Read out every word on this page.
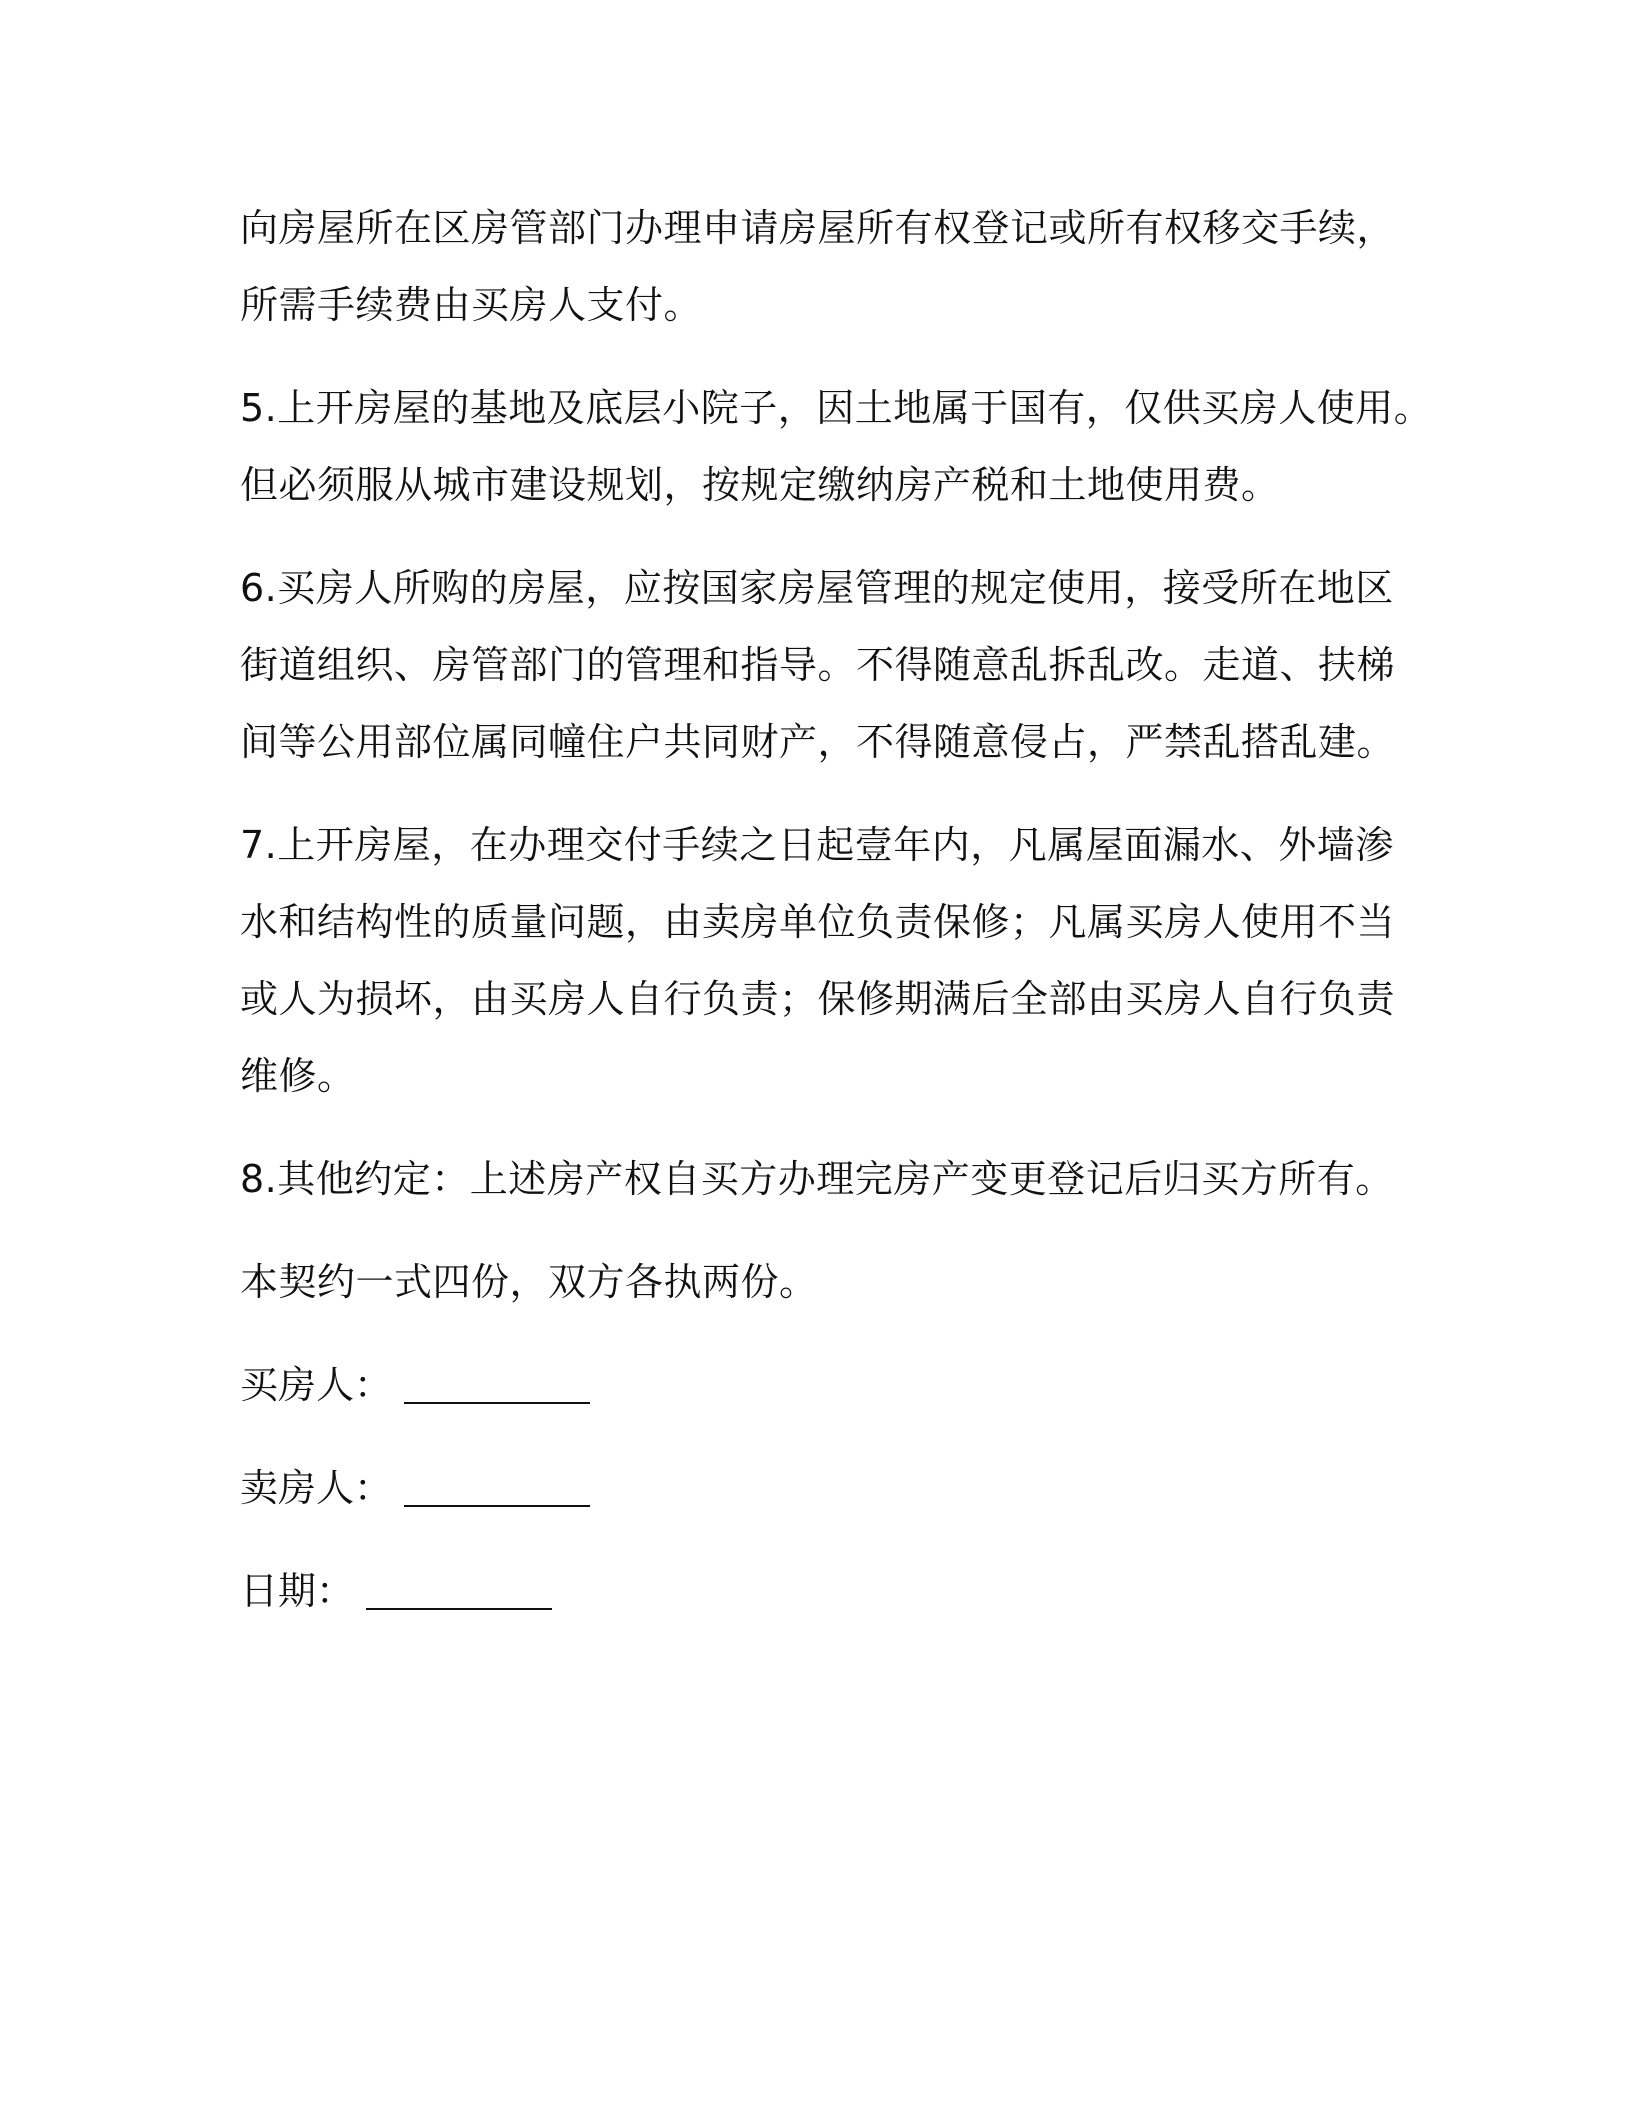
向房屋所在区房管部门办理申请房屋所有权登记或所有权移交手续，
所需手续费由买房人支付。

5.上开房屋的基地及底层小院子，因土地属于国有，仅供买房人使用。
但必须服从城市建设规划，按规定缴纳房产税和土地使用费。

6.买房人所购的房屋，应按国家房屋管理的规定使用，接受所在地区
街道组织、房管部门的管理和指导。不得随意乱拆乱改。走道、扶梯
间等公用部位属同幢住户共同财产，不得随意侵占，严禁乱搭乱建。

7.上开房屋，在办理交付手续之日起壹年内，凡属屋面漏水、外墙渗
水和结构性的质量问题，由卖房单位负责保修；凡属买房人使用不当
或人为损坏，由买房人自行负责；保修期满后全部由买房人自行负责
维修。

8.其他约定：上述房产权自买方办理完房产变更登记后归买方所有。

本契约一式四份，双方各执两份。

买房人：
卖房人：
日期：
